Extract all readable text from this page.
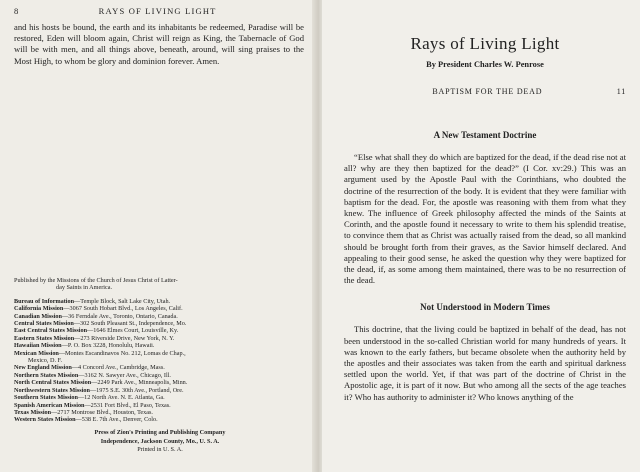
8	RAYS OF LIVING LIGHT

and his hosts be bound, the earth and its inhabitants be redeemed, Paradise will be restored, Eden will bloom again, Christ will reign as King, the Tabernacle of God will be with men, and all things above, beneath, around, will sing praises to the Most High, to whom be glory and dominion forever. Amen.

Published by the Missions of the Church of Jesus Christ of Latter-
day Saints in America.
Bureau of Information—Temple Block, Salt Lake City, Utah.
California Mission—3067 South Hobart Blvd., Los Angeles, Calif.
Canadian Mission—36 Ferndale Ave., Toronto, Ontario, Canada.
Central States Mission—302 South Pleasant St., Independence, Mo.
East Central States Mission—1646 Elmes Court, Louisville, Ky.
Eastern States Mission—273 Riverside Drive, New York, N. Y.
Hawaiian Mission—P. O. Box 3228, Honolulu, Hawaii.
Mexican Mission—Montes Escandinavos No. 212, Lomas de Chap.,
Mexico, D. F.
New England Mission—4 Concord Ave., Cambridge, Mass.
Northern States Mission—3162 N. Sawyer Ave., Chicago, Ill.
North Central States Mission—2249 Park Ave., Minneapolis, Minn.
Northwestern States Mission—1975 S.E. 30th Ave., Portland, Ore.
Southern States Mission—12 North Ave. N. E. Atlanta, Ga.
Spanish American Mission—2531 Fort Blvd., El Paso, Texas.
Texas Mission—2717 Montrose Blvd., Houston, Texas.
Western States Mission—538 E. 7th Ave., Denver, Colo.
Press of Zion's Printing and Publishing Company
Independence, Jackson County, Mo., U. S. A.
Printed in U. S. A.
Rays of Living Light
By President Charles W. Penrose
BAPTISM FOR THE DEAD	11
A New Testament Doctrine

“Else what shall they do which are baptized for the dead, if the dead rise not at all? why are they then baptized for the dead?” (I Cor. xv:29.) This was an argument used by the Apostle Paul with the Corinthians, who doubted the doctrine of the resurrection of the body. It is evident that they were familiar with baptism for the dead. For, the apostle was reasoning with them from what they knew. The influence of Greek philosophy affected the minds of the Saints at Corinth, and the apostle found it necessary to write to them his splendid treatise, to convince them that as Christ was actually raised from the dead, so all mankind should be brought forth from their graves, as the Savior himself declared. And appealing to their good sense, he asked the question why they were baptized for the dead, if, as some among them maintained, there was to be no resurrection of the dead.

Not Understood in Modern Times

This doctrine, that the living could be baptized in behalf of the dead, has not been understood in the so-called Christian world for many hundreds of years. It was known to the early fathers, but became obsolete when the authority held by the apostles and their associates was taken from the earth and spiritual darkness settled upon the world. Yet, if that was part of the doctrine of Christ in the Apostolic age, it is part of it now. But who among all the sects of the age teaches it? Who has authority to administer it? Who knows anything of the
